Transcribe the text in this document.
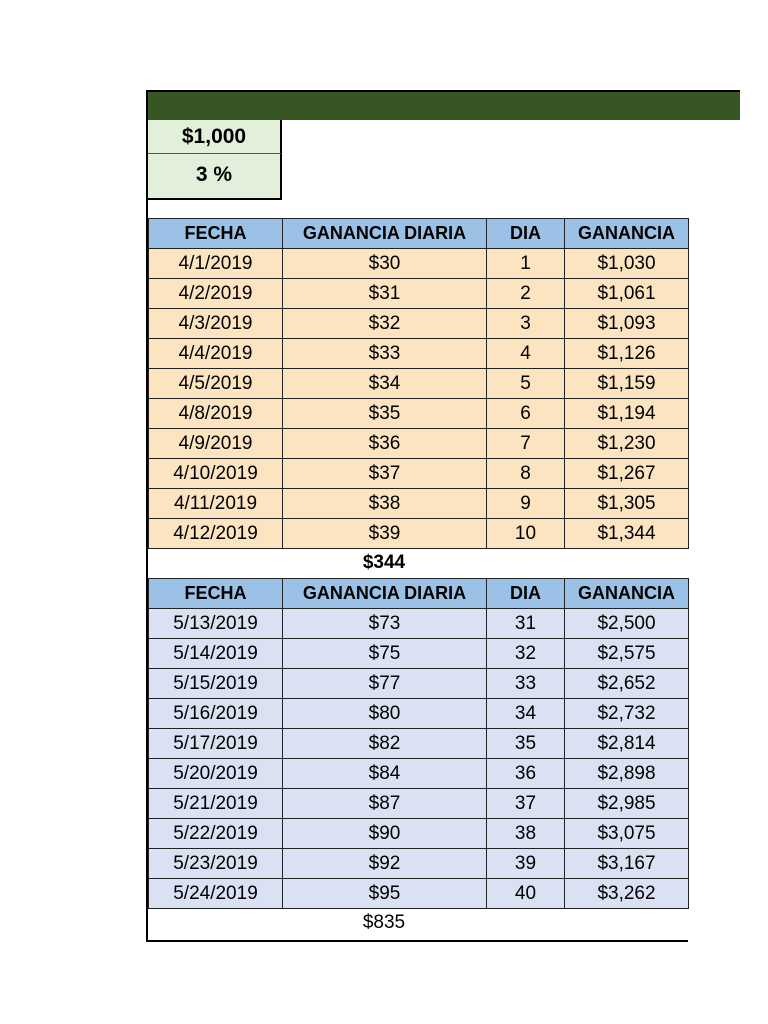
$1,000
3 %
FECHA	GANANCIA DIARIA	DIA	GANANCIA
4/1/2019	$30	1	$1,030
4/2/2019	$31	2	$1,061
4/3/2019	$32	3	$1,093
4/4/2019	$33	4	$1,126
4/5/2019	$34	5	$1,159
4/8/2019	$35	6	$1,194
4/9/2019	$36	7	$1,230
4/10/2019	$37	8	$1,267
4/11/2019	$38	9	$1,305
4/12/2019	$39	10	$1,344
$344
FECHA	GANANCIA DIARIA	DIA	GANANCIA
5/13/2019	$73	31	$2,500
5/14/2019	$75	32	$2,575
5/15/2019	$77	33	$2,652
5/16/2019	$80	34	$2,732
5/17/2019	$82	35	$2,814
5/20/2019	$84	36	$2,898
5/21/2019	$87	37	$2,985
5/22/2019	$90	38	$3,075
5/23/2019	$92	39	$3,167
5/24/2019	$95	40	$3,262
$835
